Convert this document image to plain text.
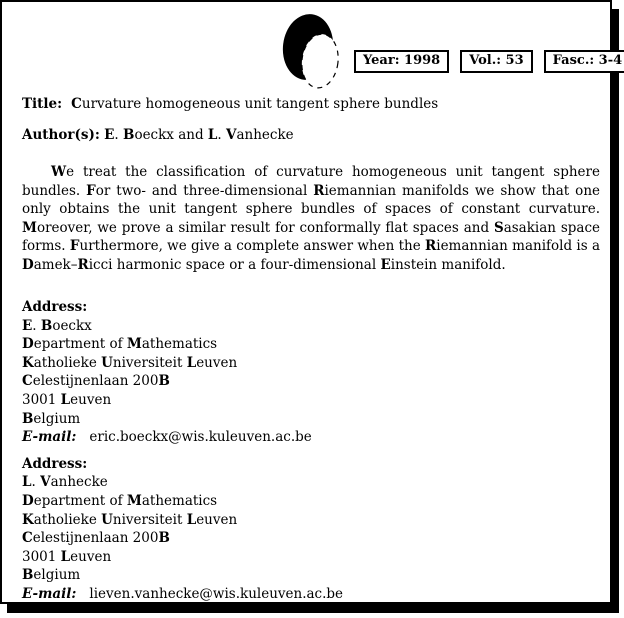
Year: 1998	Vol.: 53	Fasc.: 3-4
Title: Curvature homogeneous unit tangent sphere bundles
Author(s): E. Boeckx and L. Vanhecke

We treat the classification of curvature homogeneous unit tangent sphere bundles. For two- and three-dimensional Riemannian manifolds we show that one only obtains the unit tangent sphere bundles of spaces of constant curvature. Moreover, we prove a similar result for conformally flat spaces and Sasakian space forms. Furthermore, we give a complete answer when the Riemannian manifold is a Damek–Ricci harmonic space or a four-dimensional Einstein manifold.

Address:
E. Boeckx
Department of Mathematics
Katholieke Universiteit Leuven
Celestijnenlaan 200B
3001 Leuven
Belgium
E-mail: eric.boeckx@wis.kuleuven.ac.be
Address:
L. Vanhecke
Department of Mathematics
Katholieke Universiteit Leuven
Celestijnenlaan 200B
3001 Leuven
Belgium
E-mail: lieven.vanhecke@wis.kuleuven.ac.be
